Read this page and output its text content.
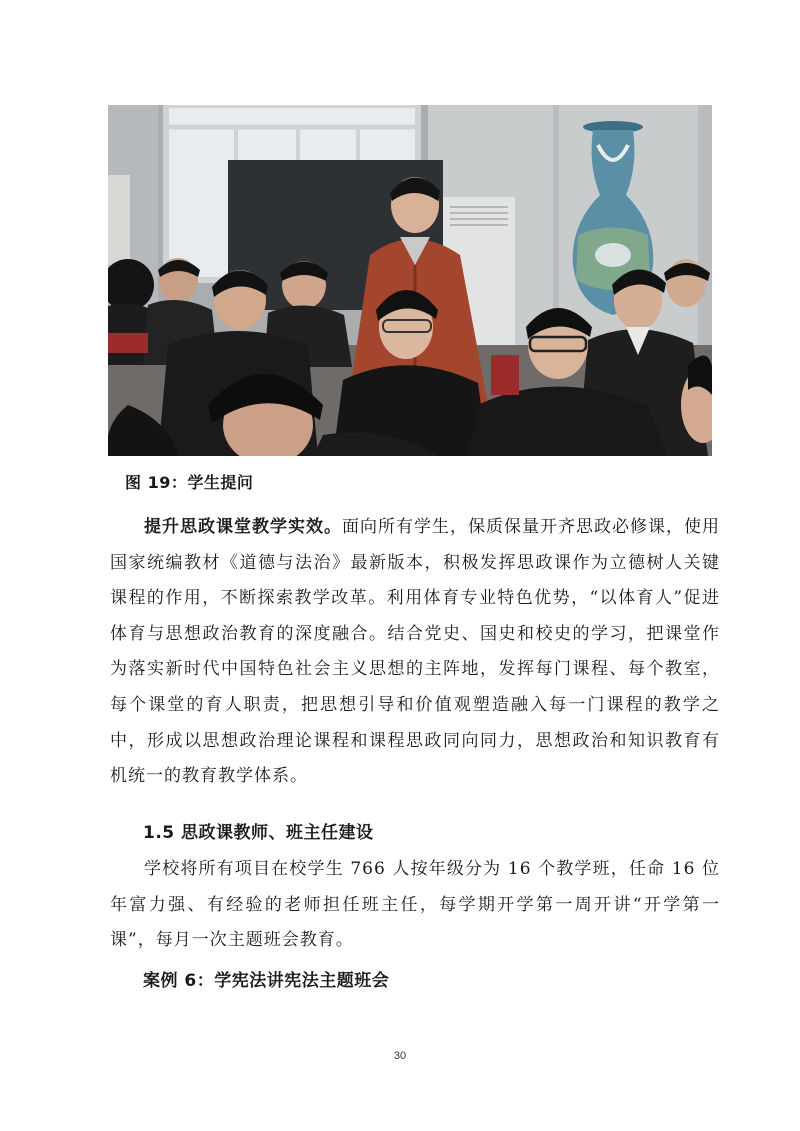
图 19：学生提问

提升思政课堂教学实效。面向所有学生，保质保量开齐思政必修课，使用国家统编教材《道德与法治》最新版本，积极发挥思政课作为立德树人关键课程的作用，不断探索教学改革。利用体育专业特色优势，“以体育人”促进体育与思想政治教育的深度融合。结合党史、国史和校史的学习，把课堂作为落实新时代中国特色社会主义思想的主阵地，发挥每门课程、每个教室，每个课堂的育人职责，把思想引导和价值观塑造融入每一门课程的教学之中，形成以思想政治理论课程和课程思政同向同力，思想政治和知识教育有机统一的教育教学体系。

1.5 思政课教师、班主任建设

学校将所有项目在校学生 766 人按年级分为 16 个教学班，任命 16 位年富力强、有经验的老师担任班主任，每学期开学第一周开讲“开学第一课”，每月一次主题班会教育。

案例 6：学宪法讲宪法主题班会
30
